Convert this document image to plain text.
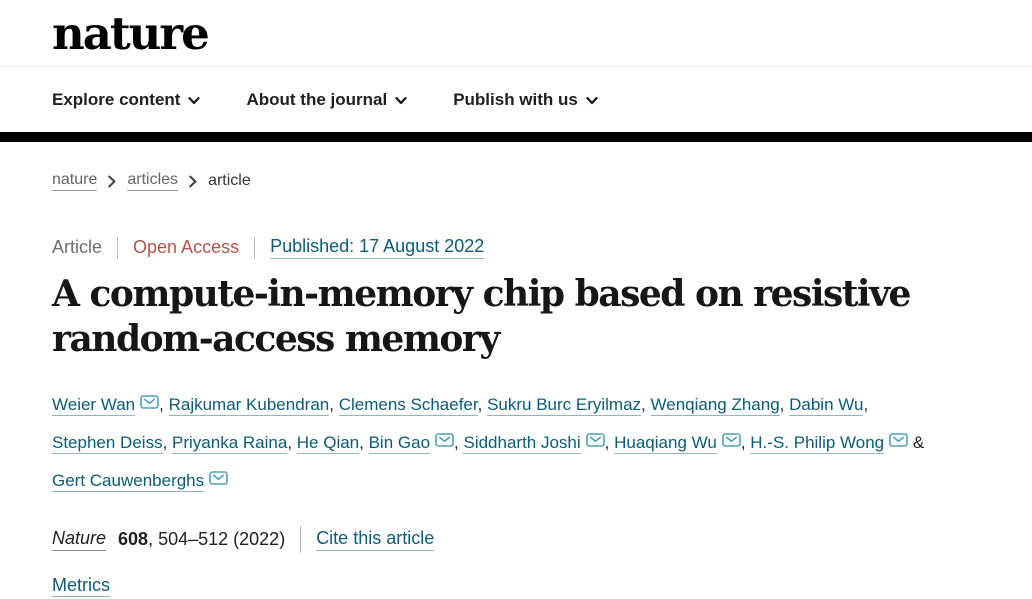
nature
Explore content	About the journal	Publish with us
nature articles article
Article Open Access Published: 17 August 2022
A compute-in-memory chip based on resistive random-access memory

Weier Wan , Rajkumar Kubendran, Clemens Schaefer, Sukru Burc Eryilmaz, Wenqiang Zhang, Dabin Wu, Stephen Deiss, Priyanka Raina, He Qian, Bin Gao , Siddharth Joshi , Huaqiang Wu , H.-S. Philip Wong & Gert Cauwenberghs

Nature 608 , 504–512 (2022) Cite this article
Metrics
